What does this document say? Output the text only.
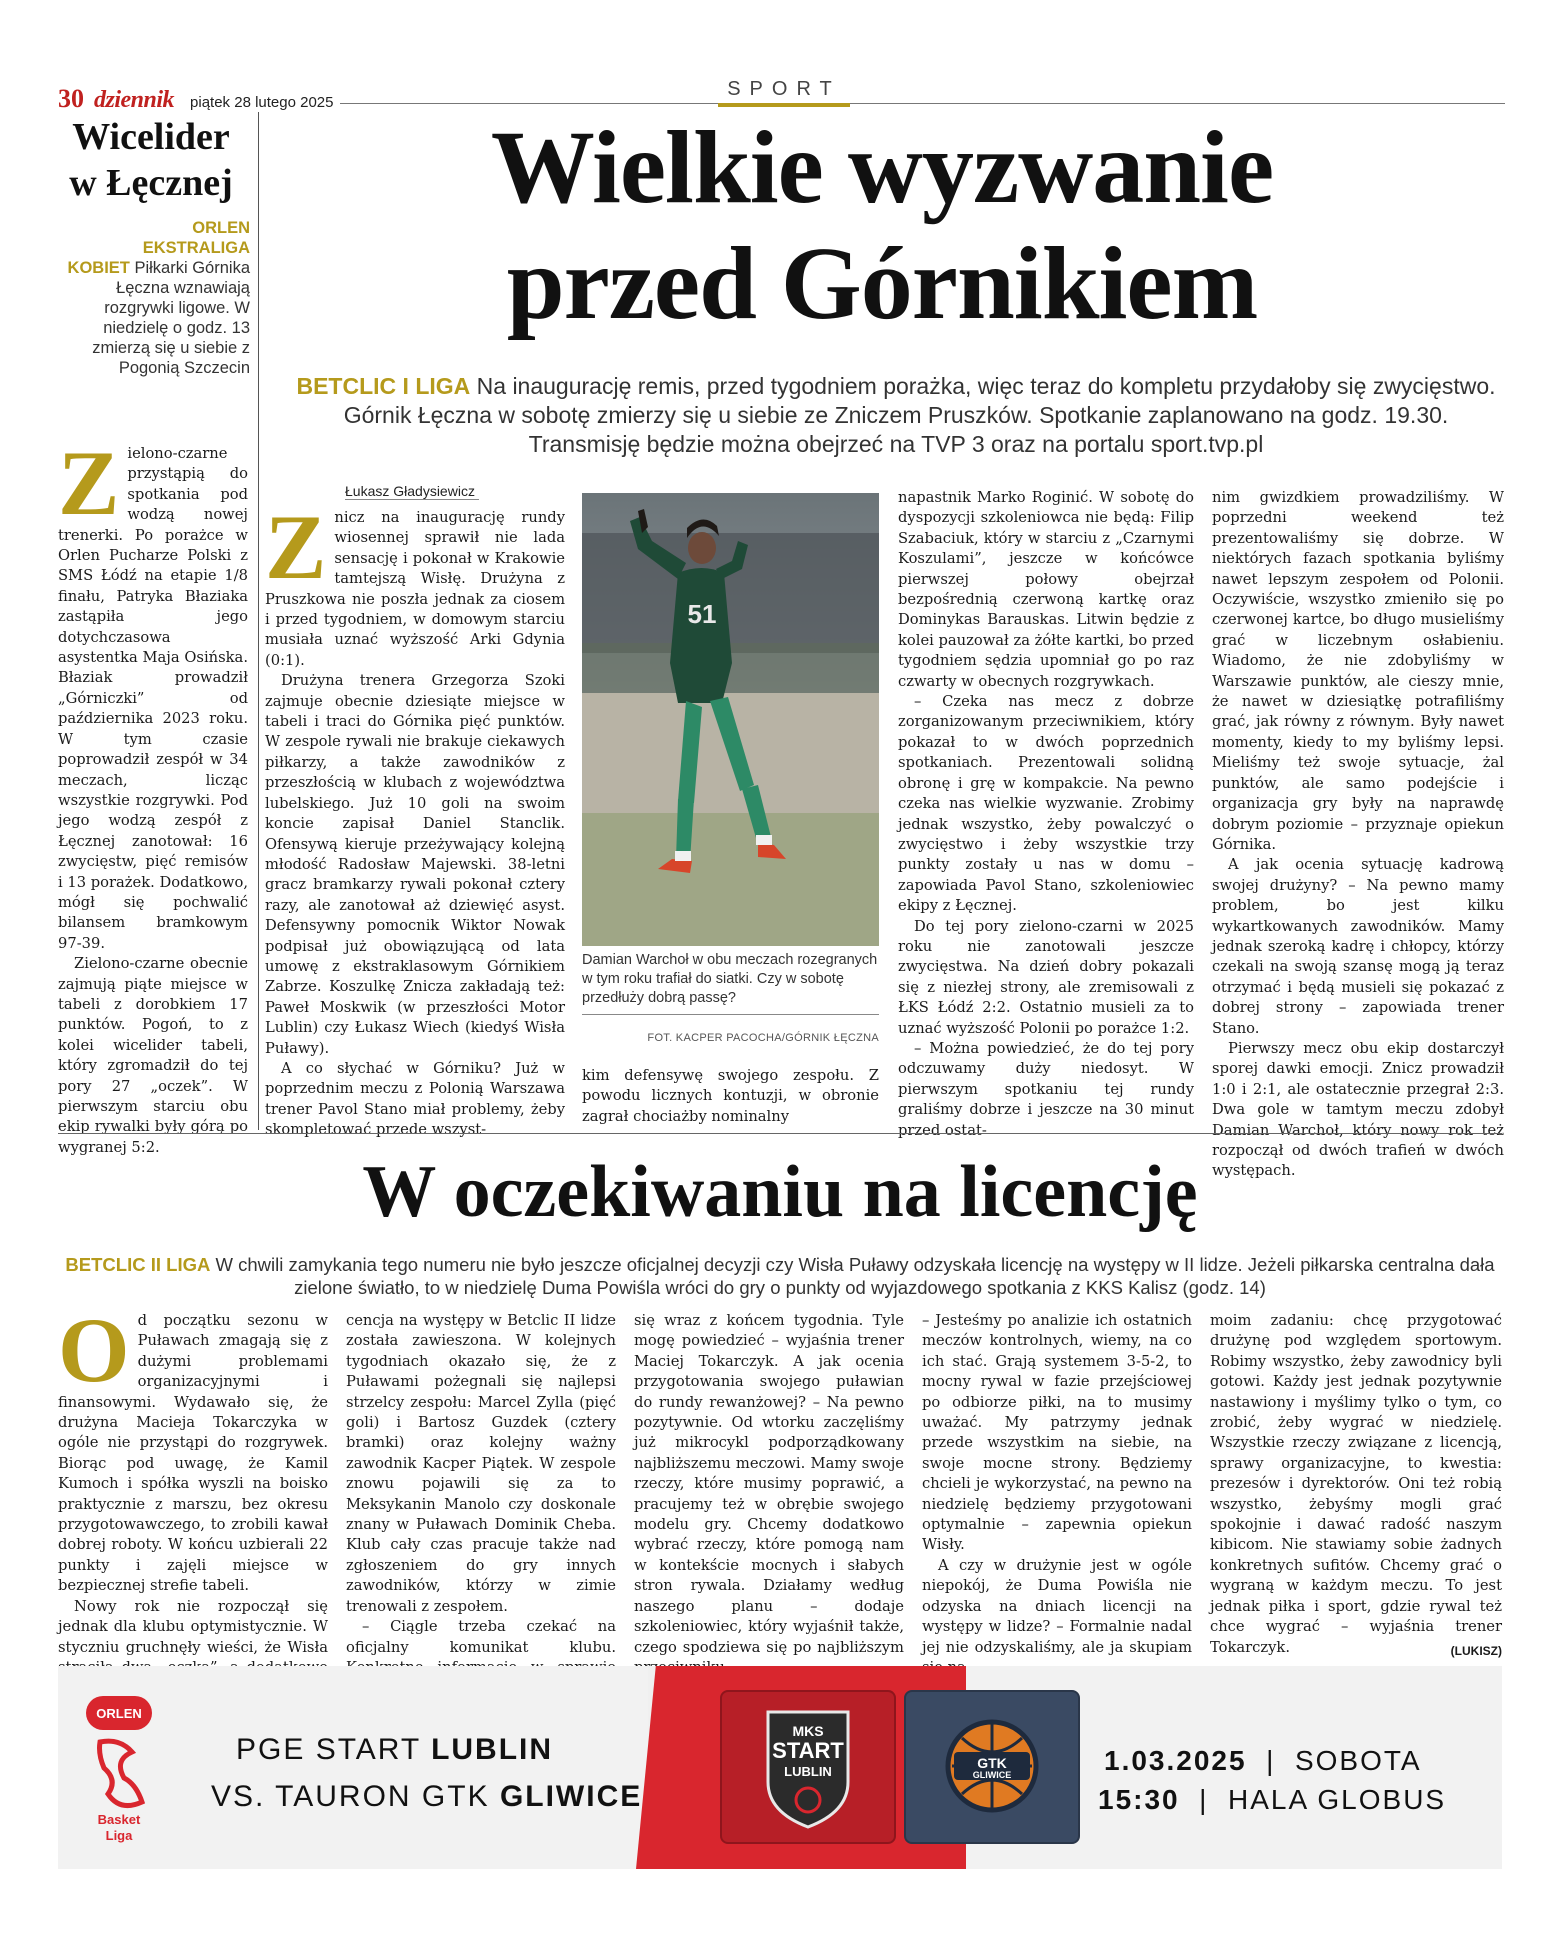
30 dziennik piątek 28 lutego 2025
SPORT
Wicelider
w Łęcznej
ORLEN
EKSTRALIGA
KOBIET Piłkarki Górnika Łęczna wznawiają rozgrywki ligowe. W niedzielę o godz. 13 zmierzą się u siebie z Pogonią Szczecin

Zielono-czarne przystąpią do spotkania pod wodzą nowej trenerki. Po porażce w Orlen Pucharze Polski z SMS Łódź na etapie 1/8 finału, Patryka Błaziaka zastąpiła jego dotychczasowa asystentka Maja Osińska. Błaziak prowadził „Górniczki” od października 2023 roku. W tym czasie poprowadził zespół w 34 meczach, licząc wszystkie rozgrywki. Pod jego wodzą zespół z Łęcznej zanotował: 16 zwycięstw, pięć remisów i 13 porażek. Dodatkowo, mógł się pochwalić bilansem bramkowym 97-39.

Zielono-czarne obecnie zajmują piąte miejsce w tabeli z dorobkiem 17 punktów. Pogoń, to z kolei wicelider tabeli, który zgromadził do tej pory 27 „oczek”. W pierwszym starciu obu ekip rywalki były górą po wygranej 5:2.

Wielkie wyzwanie
przed Górnikiem
BETCLIC I LIGA Na inaugurację remis, przed tygodniem porażka, więc teraz do kompletu przydałoby się zwycięstwo. Górnik Łęczna w sobotę zmierzy się u siebie ze Zniczem Pruszków. Spotkanie zaplanowano na godz. 19.30. Transmisję będzie można obejrzeć na TVP 3 oraz na portalu sport.tvp.pl
Łukasz Gładysiewicz

Znicz na inaugurację rundy wiosennej sprawił nie lada sensację i pokonał w Krakowie tamtejszą Wisłę. Drużyna z Pruszkowa nie poszła jednak za ciosem i przed tygodniem, w domowym starciu musiała uznać wyższość Arki Gdynia (0:1).

Drużyna trenera Grzegorza Szoki zajmuje obecnie dziesiąte miejsce w tabeli i traci do Górnika pięć punktów. W zespole rywali nie brakuje ciekawych piłkarzy, a także zawodników z przeszłością w klubach z województwa lubelskiego. Już 10 goli na swoim koncie zapisał Daniel Stanclik. Ofensywą kieruje przeżywający kolejną młodość Radosław Majewski. 38-letni gracz bramkarzy rywali pokonał cztery razy, ale zanotował aż dziewięć asyst. Defensywny pomocnik Wiktor Nowak podpisał już obowiązującą od lata umowę z ekstraklasowym Górnikiem Zabrze. Koszulkę Znicza zakładają też: Paweł Moskwik (w przeszłości Motor Lublin) czy Łukasz Wiech (kiedyś Wisła Puławy).

A co słychać w Górniku? Już w poprzednim meczu z Polonią Warszawa trener Pavol Stano miał problemy, żeby skompletować przede wszyst-

51
Damian Warchoł w obu meczach rozegranych w tym roku trafiał do siatki. Czy w sobotę przedłuży dobrą passę?
FOT. KACPER PACOCHA/GÓRNIK ŁĘCZNA

kim defensywę swojego zespołu. Z powodu licznych kontuzji, w obronie zagrał chociażby nominalny

napastnik Marko Roginić. W sobotę do dyspozycji szkoleniowca nie będą: Filip Szabaciuk, który w starciu z „Czarnymi Koszulami”, jeszcze w końcówce pierwszej połowy obejrzał bezpośrednią czerwoną kartkę oraz Dominykas Barauskas. Litwin będzie z kolei pauzował za żółte kartki, bo przed tygodniem sędzia upomniał go po raz czwarty w obecnych rozgrywkach.

– Czeka nas mecz z dobrze zorganizowanym przeciwnikiem, który pokazał to w dwóch poprzednich spotkaniach. Prezentowali solidną obronę i grę w kompakcie. Na pewno czeka nas wielkie wyzwanie. Zrobimy jednak wszystko, żeby powalczyć o zwycięstwo i żeby wszystkie trzy punkty zostały u nas w domu – zapowiada Pavol Stano, szkoleniowiec ekipy z Łęcznej.

Do tej pory zielono-czarni w 2025 roku nie zanotowali jeszcze zwycięstwa. Na dzień dobry pokazali się z niezłej strony, ale zremisowali z ŁKS Łódź 2:2. Ostatnio musieli za to uznać wyższość Polonii po porażce 1:2.

– Można powiedzieć, że do tej pory odczuwamy duży niedosyt. W pierwszym spotkaniu tej rundy graliśmy dobrze i jeszcze na 30 minut przed ostat-

nim gwizdkiem prowadziliśmy. W poprzedni weekend też prezentowaliśmy się dobrze. W niektórych fazach spotkania byliśmy nawet lepszym zespołem od Polonii. Oczywiście, wszystko zmieniło się po czerwonej kartce, bo długo musieliśmy grać w liczebnym osłabieniu. Wiadomo, że nie zdobyliśmy w Warszawie punktów, ale cieszy mnie, że nawet w dziesiątkę potrafiliśmy grać, jak równy z równym. Były nawet momenty, kiedy to my byliśmy lepsi. Mieliśmy też swoje sytuacje, żal punktów, ale samo podejście i organizacja gry były na naprawdę dobrym poziomie – przyznaje opiekun Górnika.

A jak ocenia sytuację kadrową swojej drużyny? – Na pewno mamy problem, bo jest kilku wykartkowanych zawodników. Mamy jednak szeroką kadrę i chłopcy, którzy czekali na swoją szansę mogą ją teraz otrzymać i będą musieli się pokazać z dobrej strony – zapowiada trener Stano.

Pierwszy mecz obu ekip dostarczył sporej dawki emocji. Znicz prowadził 1:0 i 2:1, ale ostatecznie przegrał 2:3. Dwa gole w tamtym meczu zdobył Damian Warchoł, który nowy rok też rozpoczął od dwóch trafień w dwóch występach.

W oczekiwaniu na licencję
BETCLIC II LIGA W chwili zamykania tego numeru nie było jeszcze oficjalnej decyzji czy Wisła Puławy odzyskała licencję na występy w II lidze. Jeżeli piłkarska centralna dała zielone światło, to w niedzielę Duma Powiśla wróci do gry o punkty od wyjazdowego spotkania z KKS Kalisz (godz. 14)

Od początku sezonu w Puławach zmagają się z dużymi problemami organizacyjnymi i finansowymi. Wydawało się, że drużyna Macieja Tokarczyka w ogóle nie przystąpi do rozgrywek. Biorąc pod uwagę, że Kamil Kumoch i spółka wyszli na boisko praktycznie z marszu, bez okresu przygotowawczego, to zrobili kawał dobrej roboty. W końcu uzbierali 22 punkty i zajęli miejsce w bezpiecznej strefie tabeli.

Nowy rok nie rozpoczął się jednak dla klubu optymistycznie. W styczniu gruchnęły wieści, że Wisła

cencja na występy w Betclic II lidze została zawieszona. W kolejnych tygodniach okazało się, że z Puławami pożegnali się najlepsi strzelcy zespołu: Marcel Zylla (pięć goli) i Bartosz Guzdek (cztery bramki) oraz kolejny ważny zawodnik Kacper Piątek. W zespole znowu pojawili się za to Meksykanin Manolo czy doskonale znany w Puławach Dominik Cheba. Klub cały czas pracuje także nad zgłoszeniem do gry innych zawodników, którzy w zimie trenowali z zespołem.

– Ciągle trzeba czekać na oficjalny komunikat klubu.

się wraz z końcem tygodnia. Tyle mogę powiedzieć – wyjaśnia trener Maciej Tokarczyk. A jak ocenia przygotowania swojego puławian do rundy rewanżowej? – Na pewno pozytywnie. Od wtorku zaczęliśmy już mikrocykl podporządkowany najbliższemu meczowi. Mamy swoje rzeczy, które musimy poprawić, a pracujemy też w obrębie swojego modelu gry. Chcemy dodatkowo wybrać rzeczy, które pomogą nam w kontekście mocnych i słabych stron rywala. Działamy według naszego planu – dodaje szkoleniowiec, który wyjaśnił także, czego spodziewa się po najbliższym

– Jesteśmy po analizie ich ostatnich meczów kontrolnych, wiemy, na co ich stać. Grają systemem 3-5-2, to mocny rywal w fazie przejściowej po odbiorze piłki, na to musimy uważać. My patrzymy jednak przede wszystkim na siebie, na swoje mocne strony. Będziemy chcieli je wykorzystać, na pewno na niedzielę będziemy przygotowani optymalnie – zapewnia opiekun Wisły.

A czy w drużynie jest w ogóle niepokój, że Duma Powiśla nie odzyska na dniach licencji na występy w lidze? – Formalnie nadal jej nie odzyskaliśmy, ale ja skupiam

moim zadaniu: chcę przygotować drużynę pod względem sportowym. Robimy wszystko, żeby zawodnicy byli gotowi. Każdy jest jednak pozytywnie nastawiony i myślimy tylko o tym, co zrobić, żeby wygrać w niedzielę. Wszystkie rzeczy związane z licencją, sprawy organizacyjne, to kwestia: prezesów i dyrektorów. Oni też robią wszystko, żebyśmy mogli grać spokojnie i dawać radość naszym kibicom. Nie stawiamy sobie żadnych konkretnych sufitów. Chcemy grać o wygraną w każdym meczu. To jest jednak piłka i sport, gdzie rywal też chce wygrać – wyjaśnia trener Tokarczyk.	(LUKISZ)

ORLEN
Basket
Liga
PGE START LUBLIN
VS. TAURON GTK GLIWICE
MKS
START
LUBLIN
GTK
GLIWICE	1.03.2025  |  SOBOTA
15:30  |  HALA GLOBUS
